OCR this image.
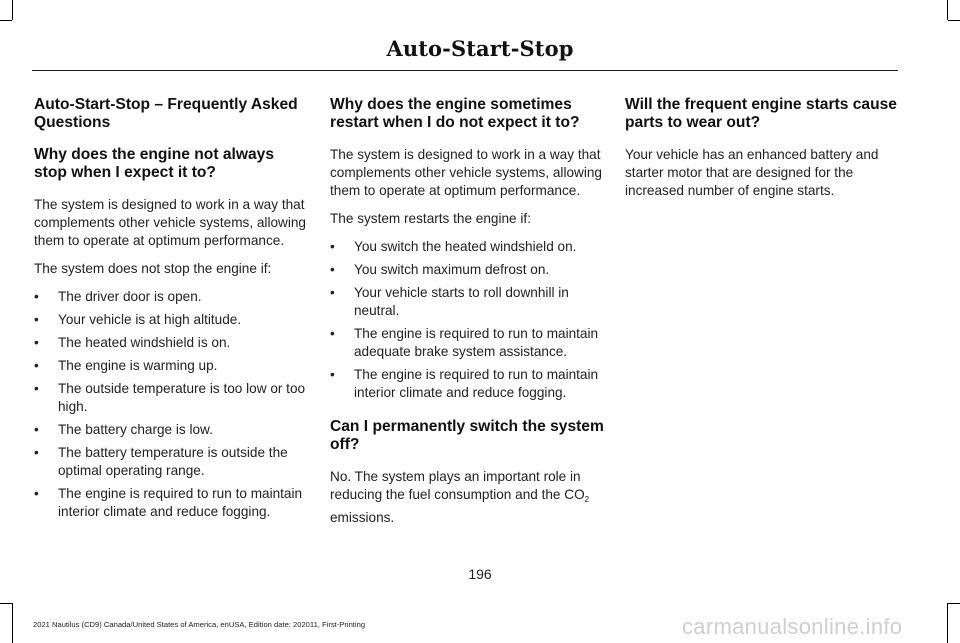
Auto-Start-Stop
Auto-Start-Stop – Frequently Asked Questions
Why does the engine not always stop when I expect it to?

The system is designed to work in a way that complements other vehicle systems, allowing them to operate at optimum performance.

The system does not stop the engine if:

• The driver door is open.
• Your vehicle is at high altitude.
• The heated windshield is on.
• The engine is warming up.
• The outside temperature is too low or too high.
• The battery charge is low.
• The battery temperature is outside the optimal operating range.
• The engine is required to run to maintain interior climate and reduce fogging.
Why does the engine sometimes restart when I do not expect it to?

The system is designed to work in a way that complements other vehicle systems, allowing them to operate at optimum performance.

The system restarts the engine if:

• You switch the heated windshield on.
• You switch maximum defrost on.
• Your vehicle starts to roll downhill in neutral.
• The engine is required to run to maintain adequate brake system assistance.
• The engine is required to run to maintain interior climate and reduce fogging.
Can I permanently switch the system off?

No. The system plays an important role in reducing the fuel consumption and the $CO_2$ emissions.

Will the frequent engine starts cause parts to wear out?

Your vehicle has an enhanced battery and starter motor that are designed for the increased number of engine starts.

196
2021 Nautilus (CD9) Canada/United States of America, enUSA, Edition date: 202011, First-Printing	carmanualsonline.info
